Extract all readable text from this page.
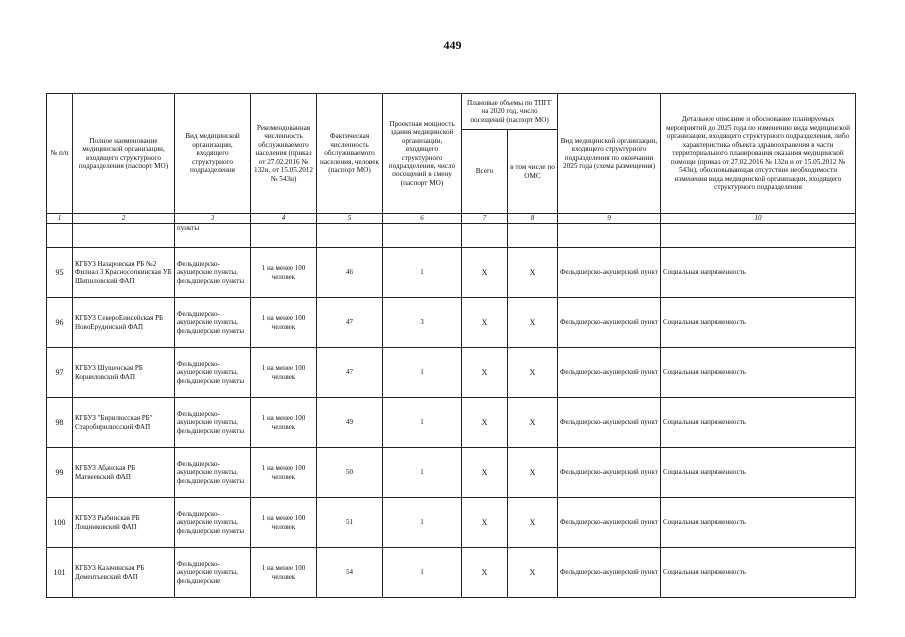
449
№ п/п	Полное наименование медицинской организации, входящего структурного подразделения (паспорт МО)	Вид медицинской организации, входящего структурного подразделения	Рекомендованная численность обслуживаемого населения (приказ от 27.02.2016 № 132н, от 15.05.2012 № 543н)	Фактическая численность обслуживаемого населения, человек (паспорт МО)	Проектная мощность здания медицинской организации, входящего структурного подразделения, число посещений в смену (паспорт МО)	Плановые объемы по ТПГГ на 2020 год, число посещений (паспорт МО)		Вид медицинской организации, входящего структурного подразделения по окончании 2025 года (схема размещения)	Детальное описание и обоснование планируемых мероприятий до 2025 года по изменению вида медицинской организации, входящего структурного подразделения, либо характеристика объекта здравоохранения в части территориального планирования оказания медицинской помощи (приказ от 27.02.2016 № 132н и от 15.05.2012 № 543н), обосновывающая отсутствие необходимости изменения вида медицинской организации, входящего структурного подразделения
						Всего	в том числе по ОМС		
1	2	3	4	5	6	7	8	9	10
		пункты							
95	КГБУЗ Назаровская РБ №2 Филиал 3 Красносопкинская УБ Шипиловский ФАП	Фельдшерско-акушерские пункты, фельдшерские пункты	1 на менее 100 человек	46	1	X	X	Фельдшерско-акушерский пункт	Социальная напряженность
96	КГБУЗ СевероЕнисейская РБ НовоЕрудинский ФАП	Фельдшерско-акушерские пункты, фельдшерские пункты	1 на менее 100 человек	47	3	X	X	Фельдшерско-акушерский пункт	Социальная напряженность
97	КГБУЗ Шушенская РБ Корниловский ФАП	Фельдшерско-акушерские пункты, фельдшерские пункты	1 на менее 100 человек	47	1	X	X	Фельдшерско-акушерский пункт	Социальная напряженность
98	КГБУЗ "Бирилюсская РБ" Старобирилюсский ФАП	Фельдшерско-акушерские пункты, фельдшерские пункты	1 на менее 100 человек	49	1	X	X	Фельдшерско-акушерский пункт	Социальная напряженность
99	КГБУЗ Абанская РБ Матвеевский ФАП	Фельдшерско-акушерские пункты, фельдшерские пункты	1 на менее 100 человек	50	1	X	X	Фельдшерско-акушерский пункт	Социальная напряженность
100	КГБУЗ Рыбинская РБ Лощинковский ФАП	Фельдшерско-акушерские пункты, фельдшерские пункты	1 на менее 100 человек	51	1	X	X	Фельдшерско-акушерский пункт	Социальная напряженность
101	КГБУЗ Казачинская РБ Дементьевский ФАП	Фельдшерско-акушерские пункты, фельдшерские	1 на менее 100 человек	54	1	X	X	Фельдшерско-акушерский пункт	Социальная напряженность
